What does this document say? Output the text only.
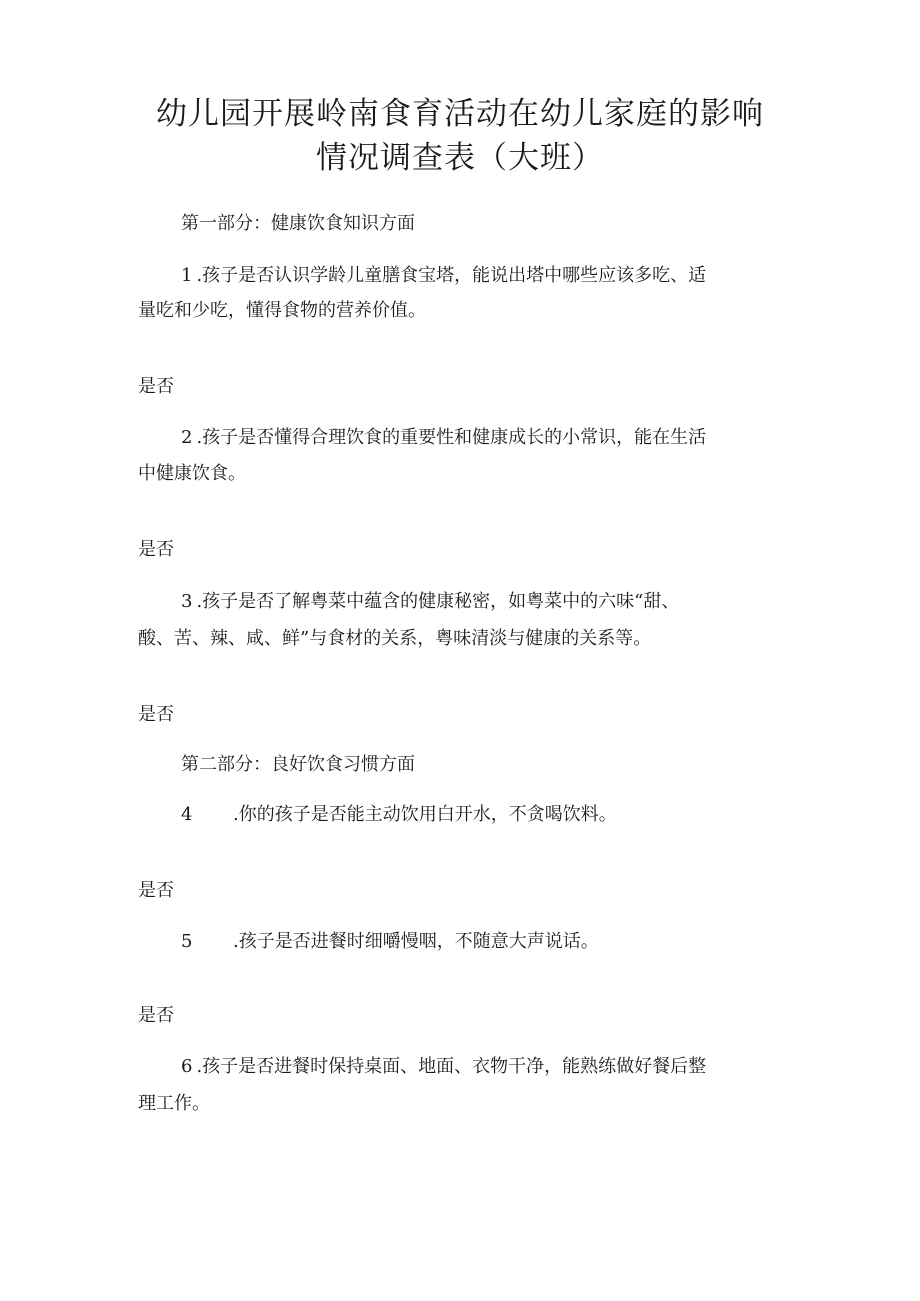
幼儿园开展岭南食育活动在幼儿家庭的影响
情况调查表（大班）

第一部分：健康饮食知识方面

1 .孩子是否认识学龄儿童膳食宝塔，能说出塔中哪些应该多吃、适

量吃和少吃，懂得食物的营养价值。

是否

2 .孩子是否懂得合理饮食的重要性和健康成长的小常识，能在生活

中健康饮食。

是否

3 .孩子是否了解粤菜中蕴含的健康秘密，如粤菜中的六味“甜、

酸、苦、辣、咸、鲜”与食材的关系，粤味清淡与健康的关系等。

是否

第二部分：良好饮食习惯方面

4 .你的孩子是否能主动饮用白开水，不贪喝饮料。

是否

5 .孩子是否进餐时细嚼慢咽，不随意大声说话。

是否

6 .孩子是否进餐时保持桌面、地面、衣物干净，能熟练做好餐后整

理工作。
